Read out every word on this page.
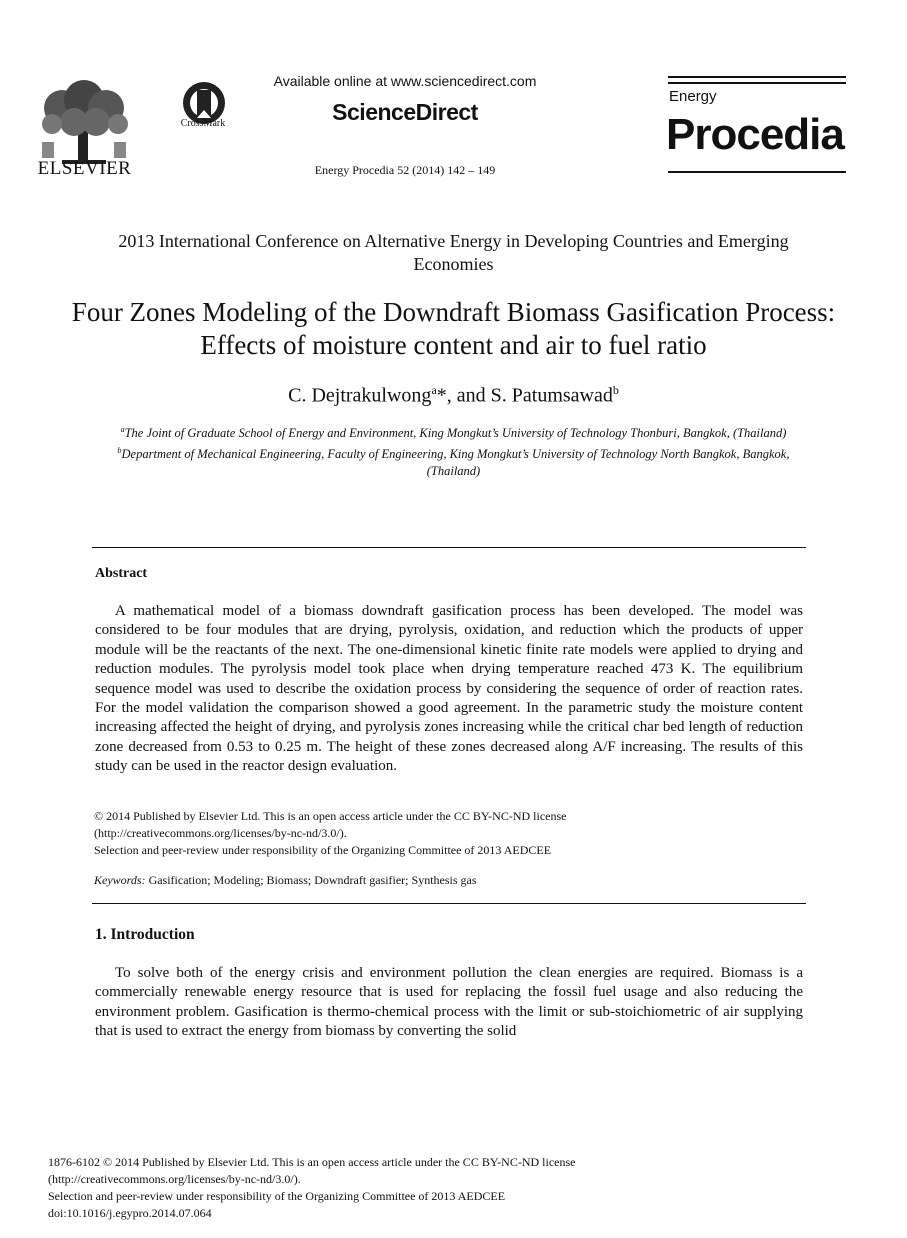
ELSEVIER
CrossMark
Available online at www.sciencedirect.com
ScienceDirect
Energy Procedia 52 (2014) 142 – 149
Energy
Procedia
2013 International Conference on Alternative Energy in Developing Countries and Emerging Economies
Four Zones Modeling of the Downdraft Biomass Gasification Process: Effects of moisture content and air to fuel ratio
C. Dejtrakulwong$^a$*, and S. Patumsawad$^b$
$^a$The Joint of Graduate School of Energy and Environment, King Mongkut’s University of Technology Thonburi, Bangkok, (Thailand)
$^b$Department of Mechanical Engineering, Faculty of Engineering, King Mongkut’s University of Technology North Bangkok, Bangkok, (Thailand)
Abstract
A mathematical model of a biomass downdraft gasification process has been developed. The model was considered to be four modules that are drying, pyrolysis, oxidation, and reduction which the products of upper module will be the reactants of the next. The one-dimensional kinetic finite rate models were applied to drying and reduction modules. The pyrolysis model took place when drying temperature reached 473 K. The equilibrium sequence model was used to describe the oxidation process by considering the sequence of order of reaction rates. For the model validation the comparison showed a good agreement. In the parametric study the moisture content increasing affected the height of drying, and pyrolysis zones increasing while the critical char bed length of reduction zone decreased from 0.53 to 0.25 m. The height of these zones decreased along A/F increasing. The results of this study can be used in the reactor design evaluation.
© 2014 Published by Elsevier Ltd. This is an open access article under the CC BY-NC-ND license
(http://creativecommons.org/licenses/by-nc-nd/3.0/).
Selection and peer-review under responsibility of the Organizing Committee of 2013 AEDCEE
Keywords: Gasification; Modeling; Biomass; Downdraft gasifier; Synthesis gas
1. Introduction
To solve both of the energy crisis and environment pollution the clean energies are required. Biomass is a commercially renewable energy resource that is used for replacing the fossil fuel usage and also reducing the environment problem. Gasification is thermo-chemical process with the limit or sub-stoichiometric of air supplying that is used to extract the energy from biomass by converting the solid
1876-6102 © 2014 Published by Elsevier Ltd. This is an open access article under the CC BY-NC-ND license
(http://creativecommons.org/licenses/by-nc-nd/3.0/).
Selection and peer-review under responsibility of the Organizing Committee of 2013 AEDCEE
doi:10.1016/j.egypro.2014.07.064
